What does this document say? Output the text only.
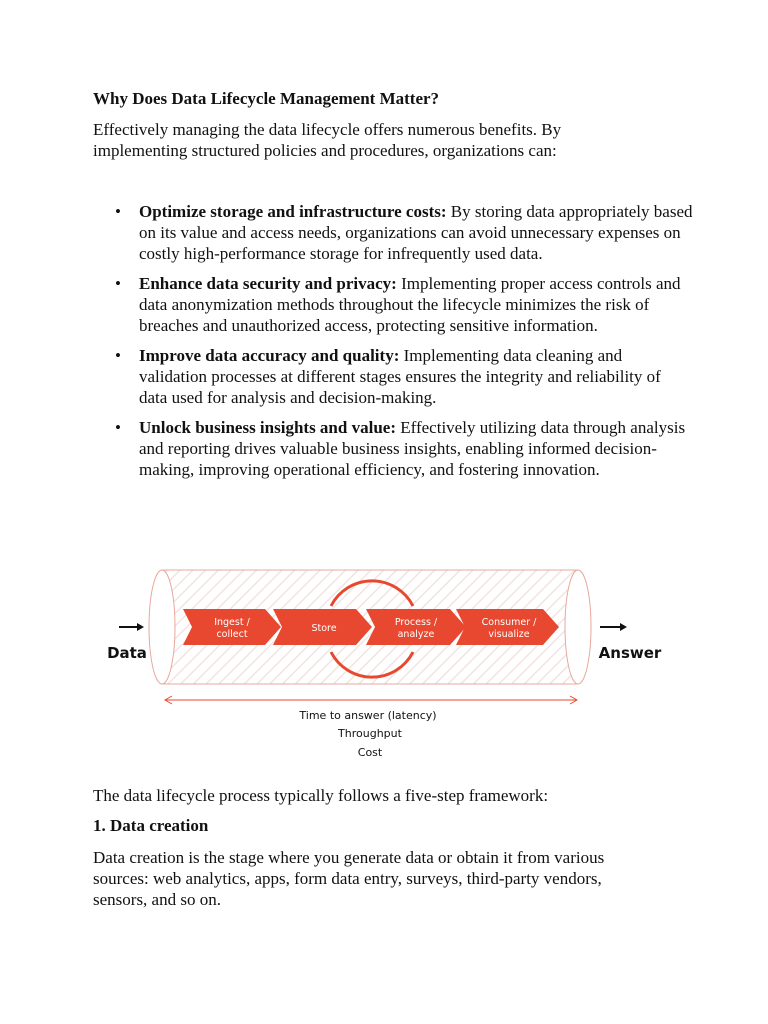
Why Does Data Lifecycle Management Matter?

Effectively managing the data lifecycle offers numerous benefits. By implementing structured policies and procedures, organizations can:

• Optimize storage and infrastructure costs: By storing data appropriately based on its value and access needs, organizations can avoid unnecessary expenses on costly high-performance storage for infrequently used data.
• Enhance data security and privacy: Implementing proper access controls and data anonymization methods throughout the lifecycle minimizes the risk of breaches and unauthorized access, protecting sensitive information.
• Improve data accuracy and quality: Implementing data cleaning and validation processes at different stages ensures the integrity and reliability of data used for analysis and decision-making.
• Unlock business insights and value: Effectively utilizing data through analysis and reporting drives valuable business insights, enabling informed decision-making, improving operational efficiency, and fostering innovation.
Ingest /
collect
Store
Process /
analyze
Consumer /
visualize
Data	Answer
Time to answer (latency)
Throughput
Cost

The data lifecycle process typically follows a five-step framework:

1. Data creation

Data creation is the stage where you generate data or obtain it from various sources: web analytics, apps, form data entry, surveys, third-party vendors, sensors, and so on.
